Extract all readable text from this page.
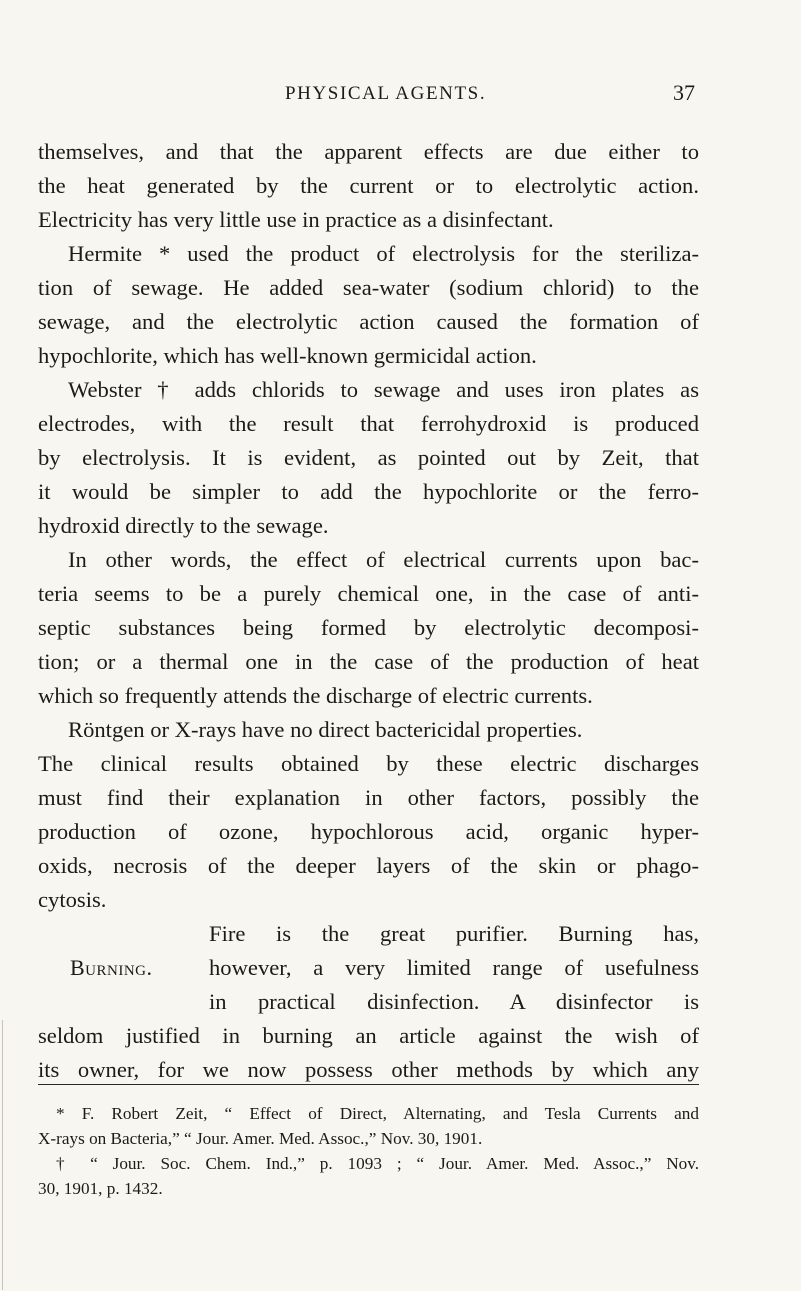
PHYSICAL AGENTS.	37
themselves, and that the apparent effects are due either to
the heat generated by the current or to electrolytic action.
Electricity has very little use in practice as a disinfectant.
Hermite * used the product of electrolysis for the steriliza-
tion of sewage. He added sea-water (sodium chlorid) to the
sewage, and the electrolytic action caused the formation of
hypochlorite, which has well-known germicidal action.
Webster † adds chlorids to sewage and uses iron plates as
electrodes, with the result that ferrohydroxid is produced
by electrolysis. It is evident, as pointed out by Zeit, that
it would be simpler to add the hypochlorite or the ferro-
hydroxid directly to the sewage.
In other words, the effect of electrical currents upon bac-
teria seems to be a purely chemical one, in the case of anti-
septic substances being formed by electrolytic decomposi-
tion; or a thermal one in the case of the production of heat
which so frequently attends the discharge of electric currents.
Röntgen or X-rays have no direct bactericidal properties.
The clinical results obtained by these electric discharges
must find their explanation in other factors, possibly the
production of ozone, hypochlorous acid, organic hyper-
oxids, necrosis of the deeper layers of the skin or phago-
cytosis.
Burning.
Fire is the great purifier. Burning has,
however, a very limited range of usefulness
in practical disinfection. A disinfector is
seldom justified in burning an article against the wish of
its owner, for we now possess other methods by which any
* F. Robert Zeit, “ Effect of Direct, Alternating, and Tesla Currents and
X-rays on Bacteria,” “ Jour. Amer. Med. Assoc.,” Nov. 30, 1901.
† “ Jour. Soc. Chem. Ind.,” p. 1093 ; “ Jour. Amer. Med. Assoc.,” Nov.
30, 1901, p. 1432.
